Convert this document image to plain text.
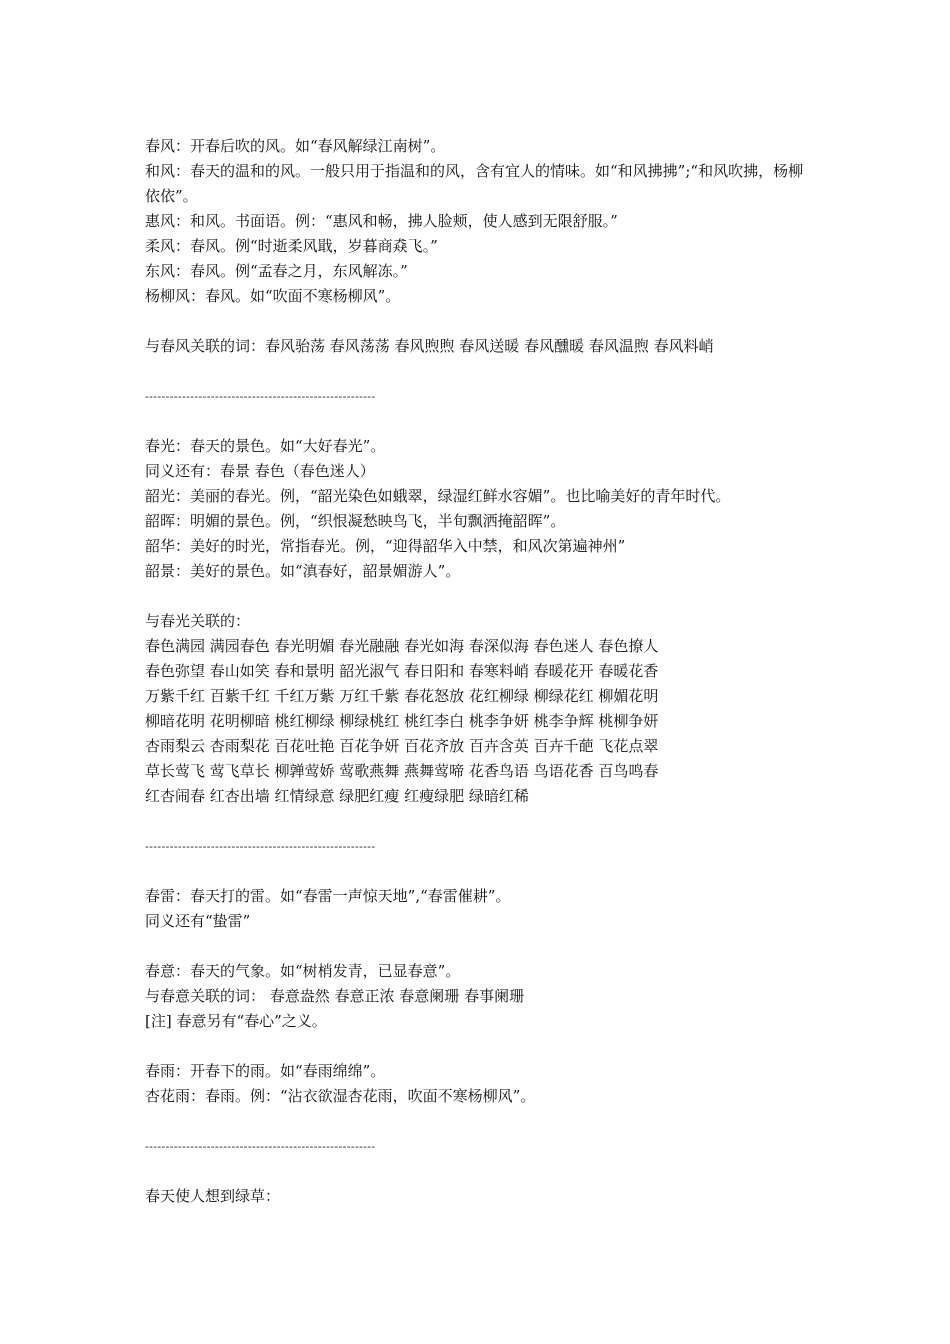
春风：开春后吹的风。如“春风解绿江南树”。
和风：春天的温和的风。一般只用于指温和的风，含有宜人的情味。如“和风拂拂”;“和风吹拂，杨柳依依”。
惠风：和风。书面语。例：“惠风和畅，拂人脸颊，使人感到无限舒服。”
柔风：春风。例“时逝柔风戢，岁暮商猋飞。”
东风：春风。例“孟春之月，东风解冻。”
杨柳风：春风。如“吹面不寒杨柳风”。
与春风关联的词：春风骀荡 春风荡荡 春风煦煦 春风送暖 春风醺暖 春风温煦 春风料峭
--------------------------------------------------------
春光：春天的景色。如“大好春光”。
同义还有：春景 春色（春色迷人）
韶光：美丽的春光。例，“韶光染色如蛾翠，绿湿红鲜水容媚”。也比喻美好的青年时代。
韶晖：明媚的景色。例，“织恨凝愁映鸟飞，半旬飘洒掩韶晖”。
韶华：美好的时光，常指春光。例，“迎得韶华入中禁，和风次第遍神州”
韶景：美好的景色。如“滇春好，韶景媚游人”。
与春光关联的：
春色满园 满园春色 春光明媚 春光融融 春光如海 春深似海 春色迷人 春色撩人
春色弥望 春山如笑 春和景明 韶光淑气 春日阳和 春寒料峭 春暖花开 春暖花香
万紫千红 百紫千红 千红万紫 万红千紫 春花怒放 花红柳绿 柳绿花红 柳媚花明
柳暗花明 花明柳暗 桃红柳绿 柳绿桃红 桃红李白 桃李争妍 桃李争辉 桃柳争妍
杏雨梨云 杏雨梨花 百花吐艳 百花争妍 百花齐放 百卉含英 百卉千葩 飞花点翠
草长莺飞 莺飞草长 柳亸莺娇 莺歌燕舞 燕舞莺啼 花香鸟语 鸟语花香 百鸟鸣春
红杏闹春 红杏出墙 红情绿意 绿肥红瘦 红瘦绿肥 绿暗红稀
--------------------------------------------------------
春雷：春天打的雷。如“春雷一声惊天地”,“春雷催耕”。
同义还有“蛰雷”
春意：春天的气象。如“树梢发青，已显春意”。
与春意关联的词： 春意盎然 春意正浓 春意阑珊 春事阑珊
[注] 春意另有“春心”之义。
春雨：开春下的雨。如“春雨绵绵”。
杏花雨：春雨。例：“沾衣欲湿杏花雨，吹面不寒杨柳风”。
--------------------------------------------------------
春天使人想到绿草：
